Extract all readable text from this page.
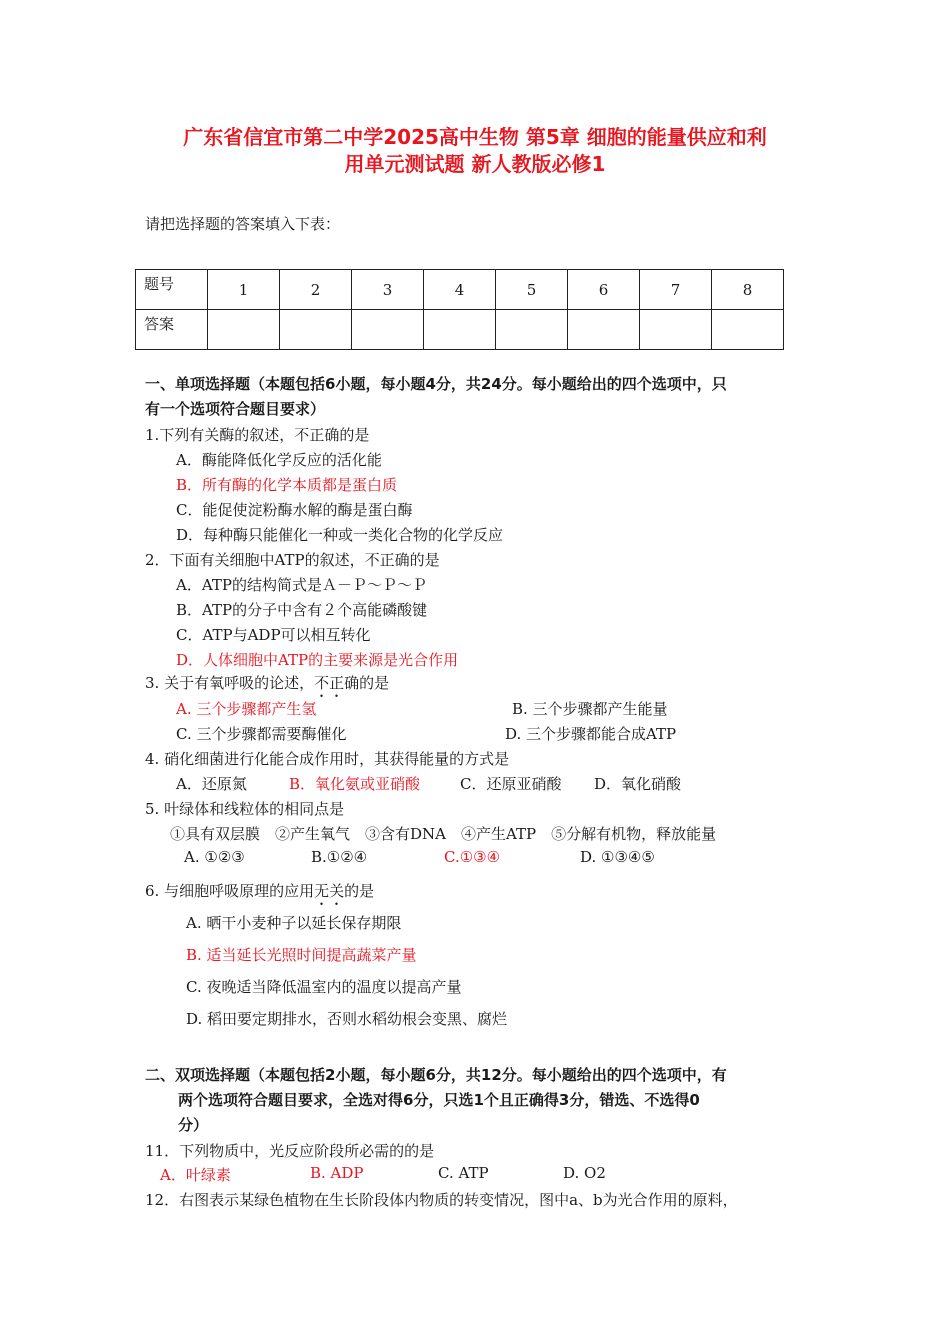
广东省信宜市第二中学2025高中生物 第5章 细胞的能量供应和利
用单元测试题 新人教版必修1
请把选择题的答案填入下表：
题号	1	2	3	4	5	6	7	8
答案								
一、单项选择题（本题包括6小题，每小题4分，共24分。每小题给出的四个选项中，只
有一个选项符合题目要求）
1.下列有关酶的叙述，不正确的是
A．酶能降低化学反应的活化能
B．所有酶的化学本质都是蛋白质
C．能促使淀粉酶水解的酶是蛋白酶
D．每种酶只能催化一种或一类化合物的化学反应
2．下面有关细胞中ATP的叙述，不正确的是
A．ATP的结构简式是Ａ－Ｐ～Ｐ～Ｐ
B．ATP的分子中含有２个高能磷酸键
C．ATP与ADP可以相互转化
D．人体细胞中ATP的主要来源是光合作用
3. 关于有氧呼吸的论述，不正确的是
A. 三个步骤都产生氢	B. 三个步骤都产生能量
C. 三个步骤都需要酶催化	D. 三个步骤都能合成ATP
4. 硝化细菌进行化能合成作用时，其获得能量的方式是
A．还原氮	B．氧化氨或亚硝酸	C．还原亚硝酸 D．氧化硝酸
5. 叶绿体和线粒体的相同点是
①具有双层膜　②产生氧气　③含有DNA　④产生ATP　⑤分解有机物，释放能量
A. ①②③	B.①②④	C.①③④	D. ①③④⑤
6. 与细胞呼吸原理的应用无关的是
A. 晒干小麦种子以延长保存期限
B. 适当延长光照时间提高蔬菜产量
C. 夜晚适当降低温室内的温度以提高产量
D. 稻田要定期排水，否则水稻幼根会变黑、腐烂
二、双项选择题（本题包括2小题，每小题6分，共12分。每小题给出的四个选项中，有
两个选项符合题目要求，全选对得6分，只选1个且正确得3分，错选、不选得0
分）
11．下列物质中，光反应阶段所必需的的是
A．叶绿素	B. ADP	C. ATP	D. O2
12．右图表示某绿色植物在生长阶段体内物质的转变情况，图中a、b为光合作用的原料，
